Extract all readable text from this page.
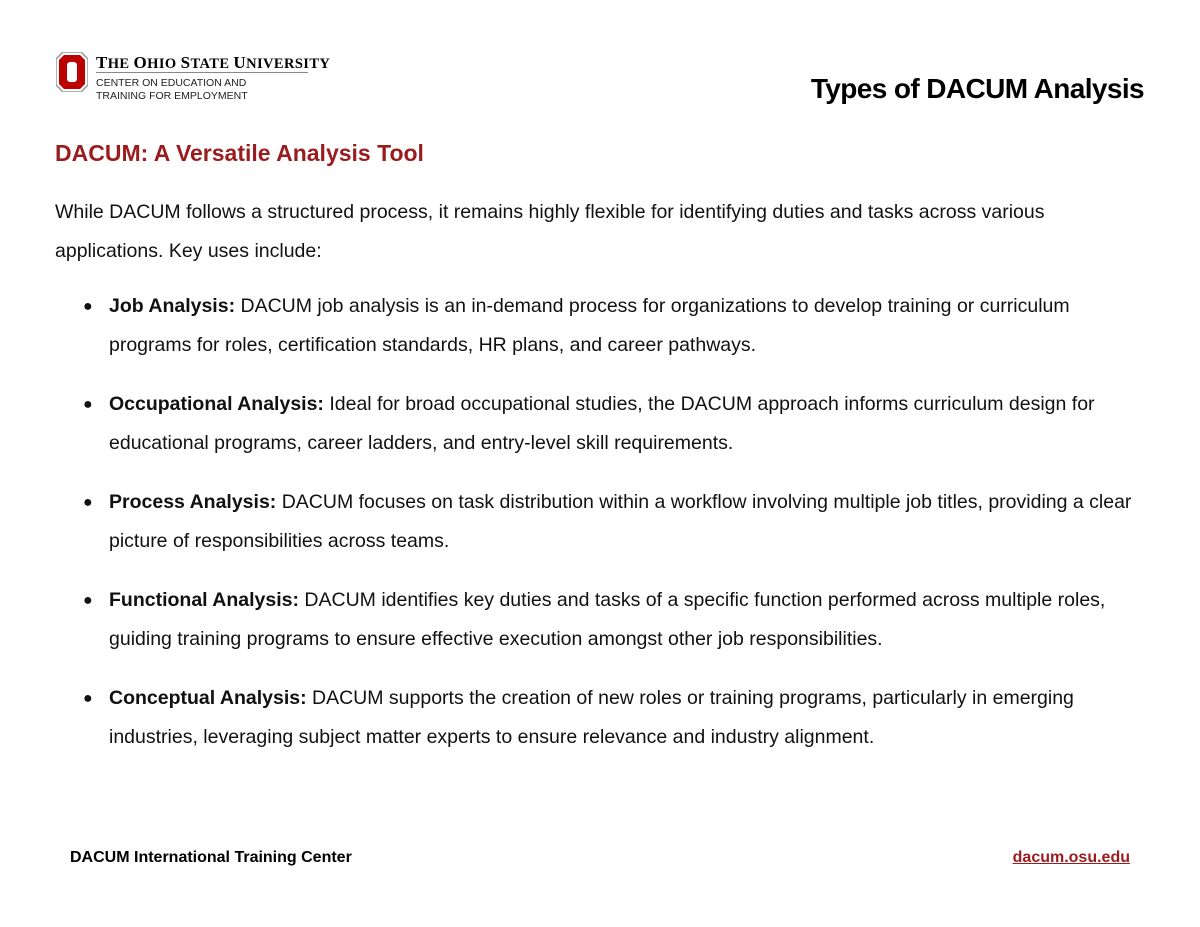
THE OHIO STATE UNIVERSITY
CENTER ON EDUCATION AND
TRAINING FOR EMPLOYMENT	Types of DACUM Analysis
DACUM: A Versatile Analysis Tool

While DACUM follows a structured process, it remains highly flexible for identifying duties and tasks across various applications. Key uses include:

● Job Analysis: DACUM job analysis is an in-demand process for organizations to develop training or curriculum programs for roles, certification standards, HR plans, and career pathways.
● Occupational Analysis: Ideal for broad occupational studies, the DACUM approach informs curriculum design for educational programs, career ladders, and entry-level skill requirements.
● Process Analysis: DACUM focuses on task distribution within a workflow involving multiple job titles, providing a clear picture of responsibilities across teams.
● Functional Analysis: DACUM identifies key duties and tasks of a specific function performed across multiple roles, guiding training programs to ensure effective execution amongst other job responsibilities.
● Conceptual Analysis: DACUM supports the creation of new roles or training programs, particularly in emerging industries, leveraging subject matter experts to ensure relevance and industry alignment.
DACUM International Training Center	dacum.osu.edu
